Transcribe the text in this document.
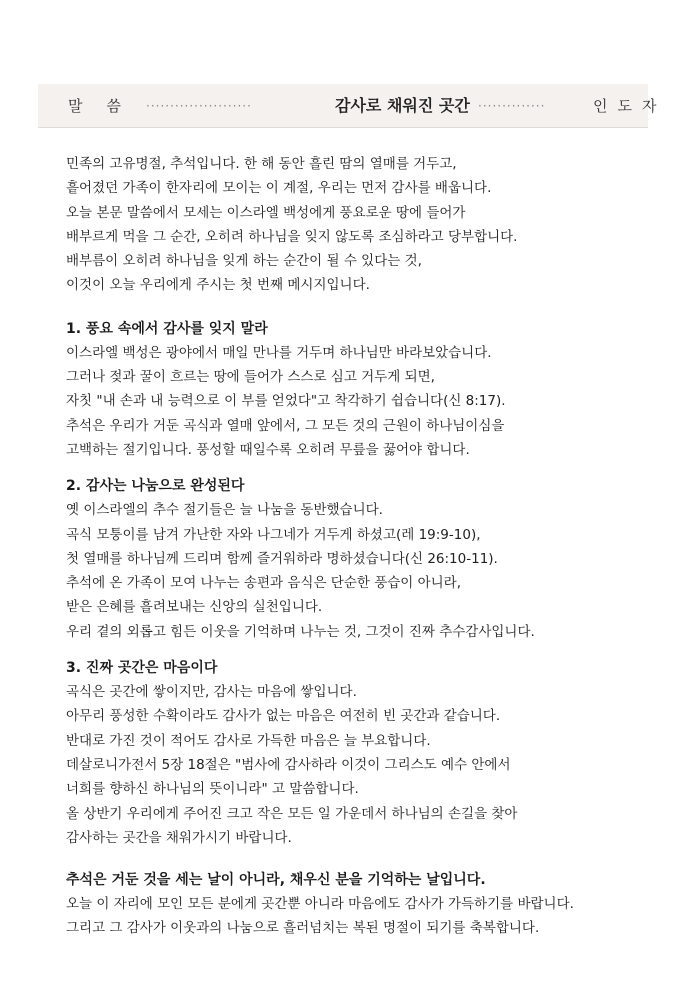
말씀 ······················	감사로 채워진 곳간 ··············	인도자

민족의 고유명절, 추석입니다. 한 해 동안 흘린 땀의 열매를 거두고,

흩어졌던 가족이 한자리에 모이는 이 계절, 우리는 먼저 감사를 배웁니다.

오늘 본문 말씀에서 모세는 이스라엘 백성에게 풍요로운 땅에 들어가

배부르게 먹을 그 순간, 오히려 하나님을 잊지 않도록 조심하라고 당부합니다.

배부름이 오히려 하나님을 잊게 하는 순간이 될 수 있다는 것,

이것이 오늘 우리에게 주시는 첫 번째 메시지입니다.

1. 풍요 속에서 감사를 잊지 말라

이스라엘 백성은 광야에서 매일 만나를 거두며 하나님만 바라보았습니다.

그러나 젖과 꿀이 흐르는 땅에 들어가 스스로 심고 거두게 되면,

자칫 "내 손과 내 능력으로 이 부를 얻었다"고 착각하기 쉽습니다(신 8:17).

추석은 우리가 거둔 곡식과 열매 앞에서, 그 모든 것의 근원이 하나님이심을

고백하는 절기입니다. 풍성할 때일수록 오히려 무릎을 꿇어야 합니다.

2. 감사는 나눔으로 완성된다

옛 이스라엘의 추수 절기들은 늘 나눔을 동반했습니다.

곡식 모퉁이를 남겨 가난한 자와 나그네가 거두게 하셨고(레 19:9-10),

첫 열매를 하나님께 드리며 함께 즐거워하라 명하셨습니다(신 26:10-11).

추석에 온 가족이 모여 나누는 송편과 음식은 단순한 풍습이 아니라,

받은 은혜를 흘려보내는 신앙의 실천입니다.

우리 곁의 외롭고 힘든 이웃을 기억하며 나누는 것, 그것이 진짜 추수감사입니다.

3. 진짜 곳간은 마음이다

곡식은 곳간에 쌓이지만, 감사는 마음에 쌓입니다.

아무리 풍성한 수확이라도 감사가 없는 마음은 여전히 빈 곳간과 같습니다.

반대로 가진 것이 적어도 감사로 가득한 마음은 늘 부요합니다.

데살로니가전서 5장 18절은 "범사에 감사하라 이것이 그리스도 예수 안에서

너희를 향하신 하나님의 뜻이니라" 고 말씀합니다.

올 상반기 우리에게 주어진 크고 작은 모든 일 가운데서 하나님의 손길을 찾아

감사하는 곳간을 채워가시기 바랍니다.

추석은 거둔 것을 세는 날이 아니라, 채우신 분을 기억하는 날입니다.

오늘 이 자리에 모인 모든 분에게 곳간뿐 아니라 마음에도 감사가 가득하기를 바랍니다.

그리고 그 감사가 이웃과의 나눔으로 흘러넘치는 복된 명절이 되기를 축복합니다.
